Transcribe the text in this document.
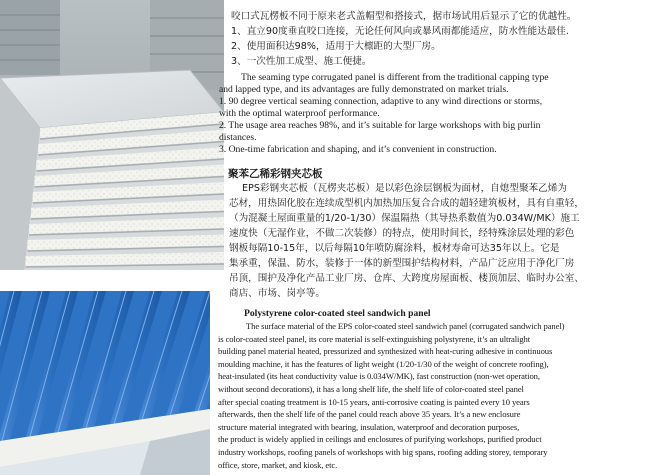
咬口式瓦楞板不同于原来老式盖帽型和搭接式，据市场试用后显示了它的优越性。
1、直立90度垂直咬口连接，无论任何风向或暴风雨都能适应，防水性能达最佳.
2、使用面积达98%，适用于大檩距的大型厂房。
3、一次性加工成型、施工便捷。
The seaming type corrugated panel is different from the traditional capping type
and lapped type, and its advantages are fully demonstrated on market trials.
1. 90 degree vertical seaming connection, adaptive to any wind directions or storms,
with the optimal waterproof performance.
2. The usage area reaches 98%, and it’s suitable for large workshops with big purlin
distances.
3. One-time fabrication and shaping, and it’s convenient in construction.
聚苯乙稀彩钢夹芯板
EPS彩钢夹芯板（瓦楞夹芯板）是以彩色涂层钢板为面材，自熄型聚苯乙烯为
芯材，用热固化胶在连续成型机内加热加压复合合成的超轻建筑板材，具有自重轻，
（为混凝土屋面重量的1/20-1/30）保温隔热（其导热系数值为0.034W/MK）施工
速度快（无湿作业，不做二次装修）的特点，使用时间长，经特殊涂层处理的彩色
钢板每隔10-15年，以后每隔10年喷防腐涂料，板材寿命可达35年以上。它是
集承重，保温、防水，装修于一体的新型围护结构材料，产品广泛应用于净化厂房
吊顶，围护及净化产品工业厂房、仓库、大跨度房屋面板、楼顶加层、临时办公室、
商店、市场、岗亭等。
Polystyrene color-coated steel sandwich panel
The surface material of the EPS color-coated steel sandwich panel (corrugated sandwich panel)
is color-coated steel panel, its core material is self-extinguishing polystyrene, it’s an ultralight
building panel material heated, pressurized and synthesized with heat-curing adhesive in continuous
moulding machine, it has the features of light weight (1/20-1/30 of the weight of concrete roofing),
heat-insulated (its heat conductivity value is 0.034W/MK), fast construction (non-wet operation,
without second decorations), it has a long shelf life, the shelf life of color-coated steel panel
after special coating treatment is 10-15 years, anti-corrosive coating is painted every 10 years
afterwards, then the shelf life of the panel could reach above 35 years. It’s a new enclosure
structure material integrated with bearing, insulation, waterproof and decoration purposes,
the product is widely applied in ceilings and enclosures of purifying workshops, purified product
industry workshops, roofing panels of workshops with big spans, roofing adding storey, temporary
office, store, market, and kiosk, etc.
